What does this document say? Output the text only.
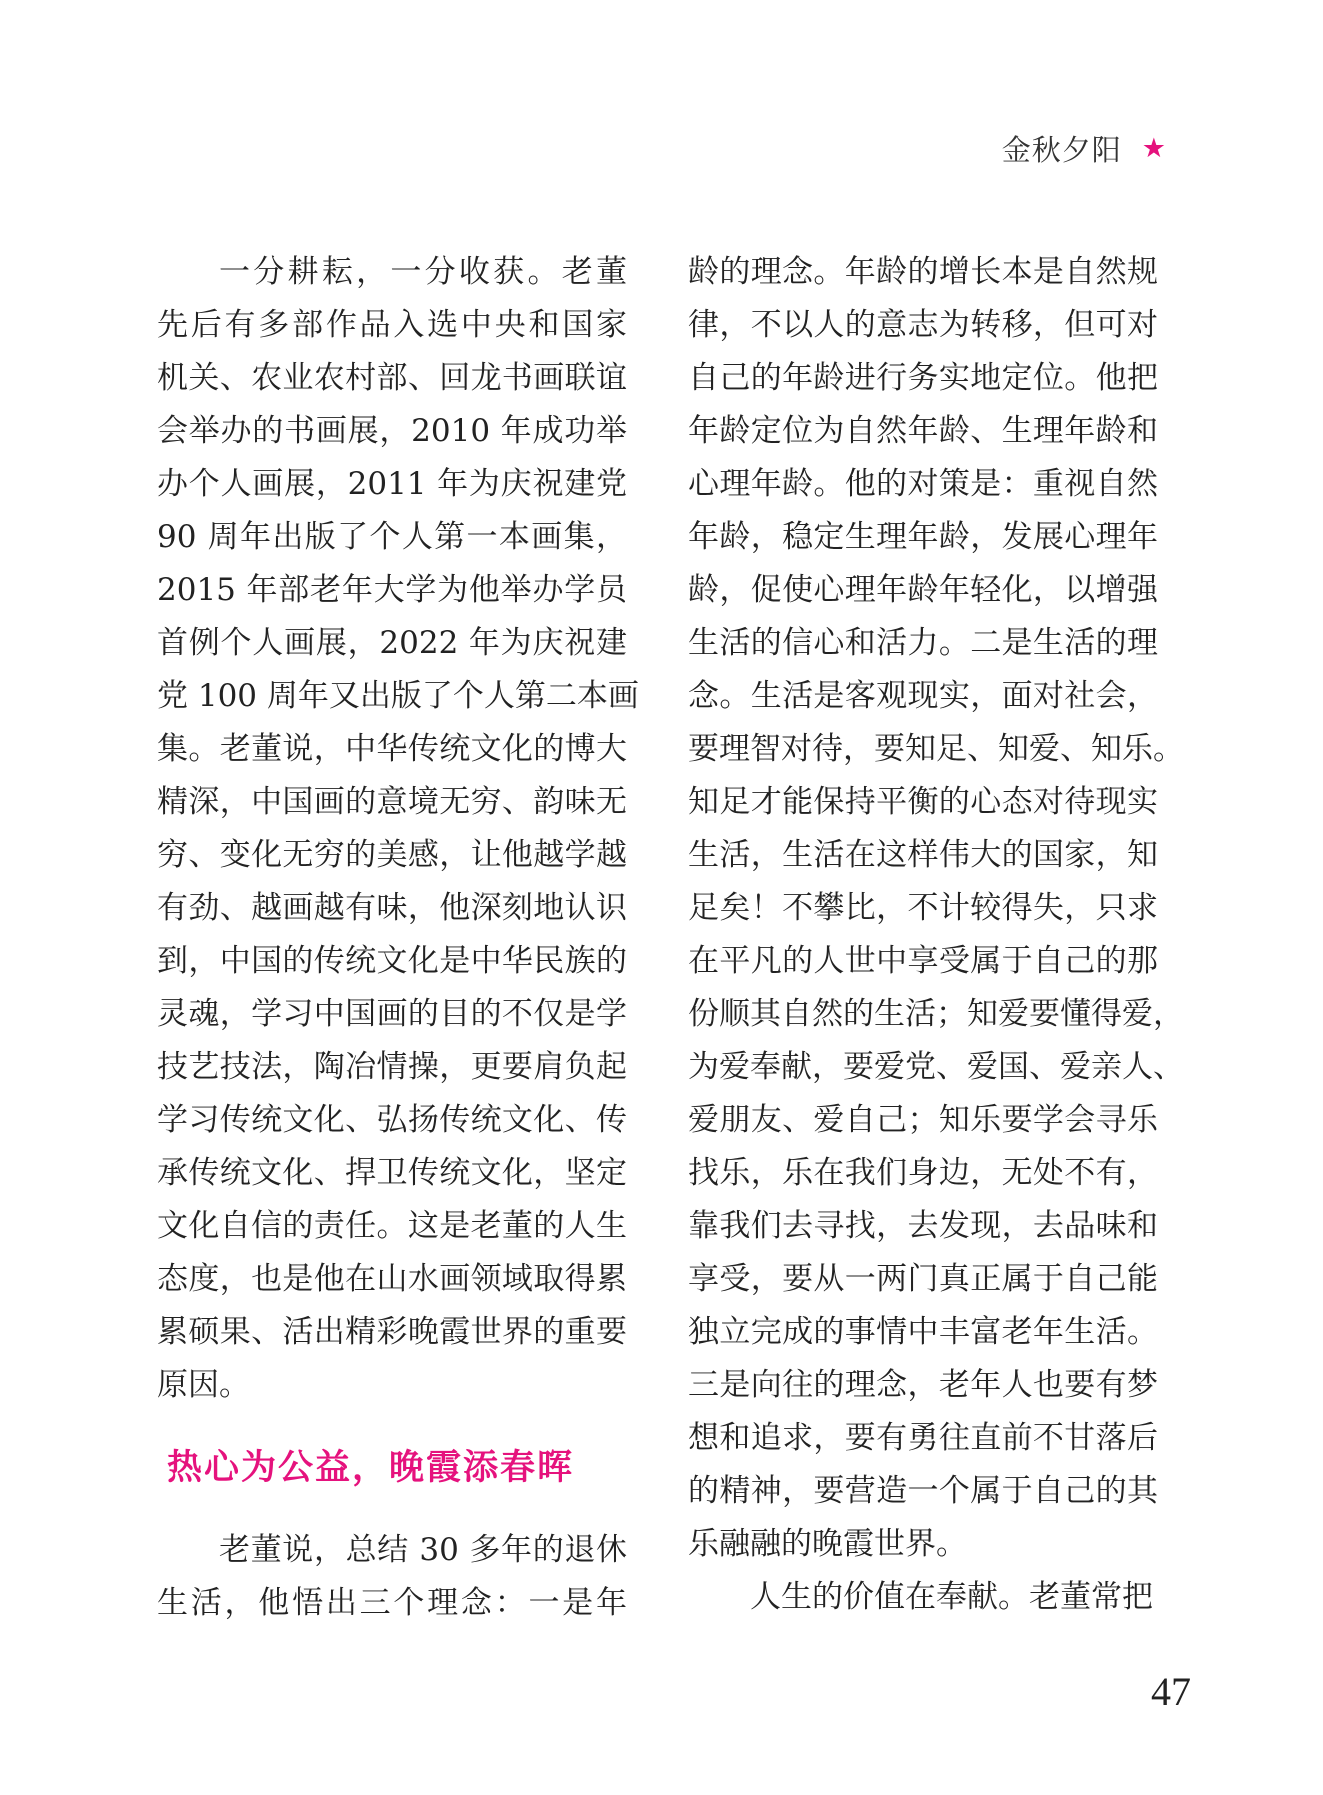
金秋夕阳 ★
一分耕耘，一分收获。老董
先后有多部作品入选中央和国家
机关、农业农村部、回龙书画联谊
会举办的书画展，2010 年成功举
办个人画展，2011 年为庆祝建党
90 周年出版了个人第一本画集，
2015 年部老年大学为他举办学员
首例个人画展，2022 年为庆祝建
党 100 周年又出版了个人第二本画
集。老董说，中华传统文化的博大
精深，中国画的意境无穷、韵味无
穷、变化无穷的美感，让他越学越
有劲、越画越有味，他深刻地认识
到，中国的传统文化是中华民族的
灵魂，学习中国画的目的不仅是学
技艺技法，陶冶情操，更要肩负起
学习传统文化、弘扬传统文化、传
承传统文化、捍卫传统文化，坚定
文化自信的责任。这是老董的人生
态度，也是他在山水画领域取得累
累硕果、活出精彩晚霞世界的重要
原因。
热心为公益，晚霞添春晖
老董说，总结 30 多年的退休
生活，他悟出三个理念：一是年
龄的理念。年龄的增长本是自然规
律，不以人的意志为转移，但可对
自己的年龄进行务实地定位。他把
年龄定位为自然年龄、生理年龄和
心理年龄。他的对策是：重视自然
年龄，稳定生理年龄，发展心理年
龄，促使心理年龄年轻化，以增强
生活的信心和活力。二是生活的理
念。生活是客观现实，面对社会，
要理智对待，要知足、知爱、知乐。
知足才能保持平衡的心态对待现实
生活，生活在这样伟大的国家，知
足矣！不攀比，不计较得失，只求
在平凡的人世中享受属于自己的那
份顺其自然的生活；知爱要懂得爱，
为爱奉献，要爱党、爱国、爱亲人、
爱朋友、爱自己；知乐要学会寻乐
找乐，乐在我们身边，无处不有，
靠我们去寻找，去发现，去品味和
享受，要从一两门真正属于自己能
独立完成的事情中丰富老年生活。
三是向往的理念，老年人也要有梦
想和追求，要有勇往直前不甘落后
的精神，要营造一个属于自己的其
乐融融的晚霞世界。
人生的价值在奉献。老董常把
47
